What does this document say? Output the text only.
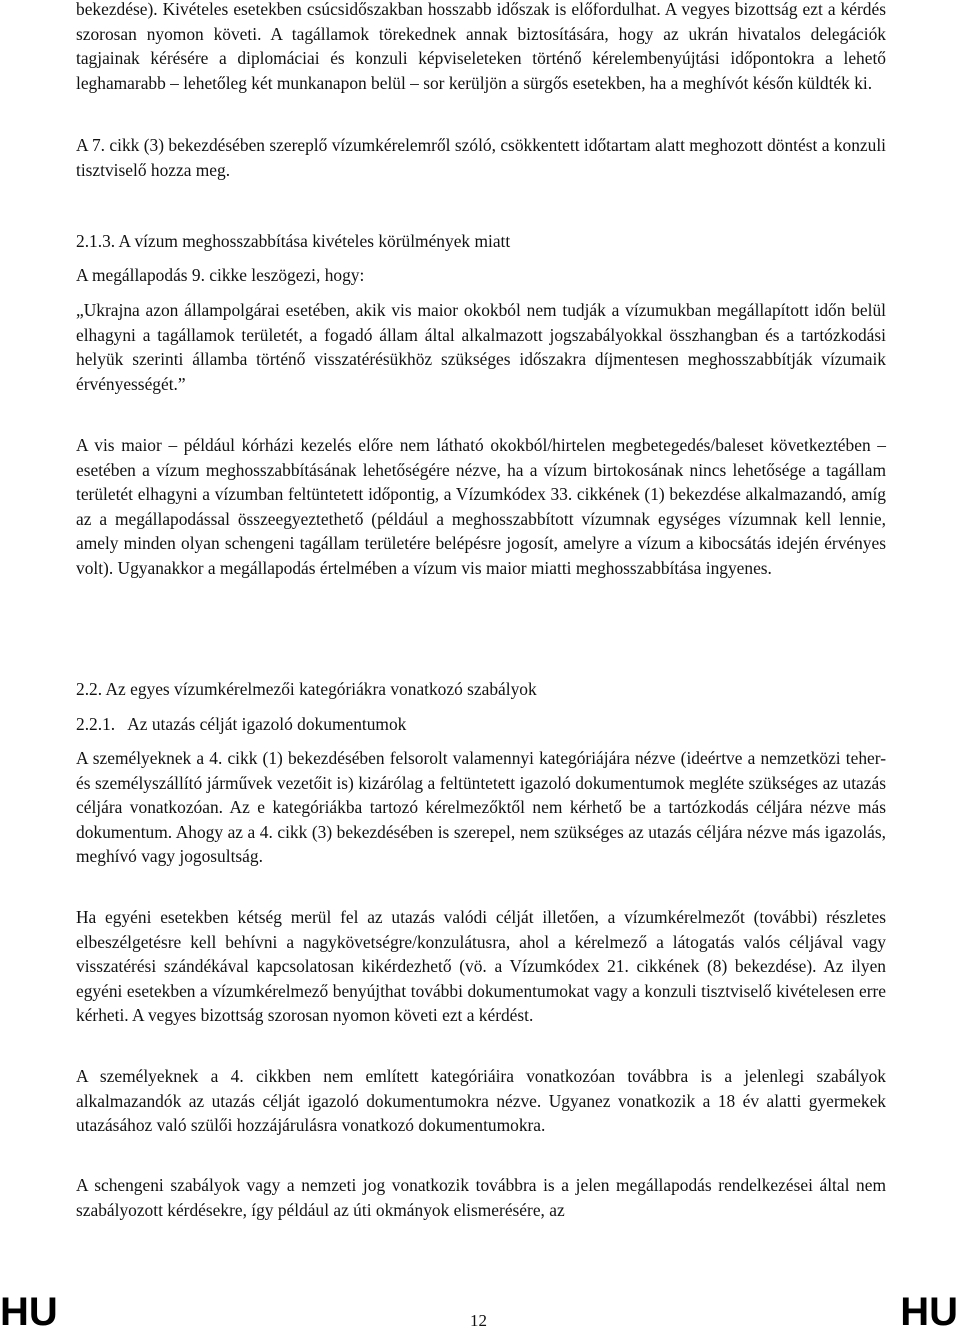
bekezdése). Kivételes esetekben csúcsidőszakban hosszabb időszak is előfordulhat. A vegyes bizottság ezt a kérdés szorosan nyomon követi. A tagállamok törekednek annak biztosítására, hogy az ukrán hivatalos delegációk tagjainak kérésére a diplomáciai és konzuli képviseleteken történő kérelembenyújtási időpontokra a lehető leghamarabb – lehetőleg két munkanapon belül – sor kerüljön a sürgős esetekben, ha a meghívót későn küldték ki.

A 7. cikk (3) bekezdésében szereplő vízumkérelemről szóló, csökkentett időtartam alatt meghozott döntést a konzuli tisztviselő hozza meg.

2.1.3. A vízum meghosszabbítása kivételes körülmények miatt

A megállapodás 9. cikke leszögezi, hogy:

„Ukrajna azon állampolgárai esetében, akik vis maior okokból nem tudják a vízumukban megállapított időn belül elhagyni a tagállamok területét, a fogadó állam által alkalmazott jogszabályokkal összhangban és a tartózkodási helyük szerinti államba történő visszatérésükhöz szükséges időszakra díjmentesen meghosszabbítják vízumaik érvényességét.”

A vis maior – például kórházi kezelés előre nem látható okokból/hirtelen megbetegedés/baleset következtében – esetében a vízum meghosszabbításának lehetőségére nézve, ha a vízum birtokosának nincs lehetősége a tagállam területét elhagyni a vízumban feltüntetett időpontig, a Vízumkódex 33. cikkének (1) bekezdése alkalmazandó, amíg az a megállapodással összeegyeztethető (például a meghosszabbított vízumnak egységes vízumnak kell lennie, amely minden olyan schengeni tagállam területére belépésre jogosít, amelyre a vízum a kibocsátás idején érvényes volt). Ugyanakkor a megállapodás értelmében a vízum vis maior miatti meghosszabbítása ingyenes.

2.2. Az egyes vízumkérelmezői kategóriákra vonatkozó szabályok

2.2.1.   Az utazás célját igazoló dokumentumok

A személyeknek a 4. cikk (1) bekezdésében felsorolt valamennyi kategóriájára nézve (ideértve a nemzetközi teher- és személyszállító járművek vezetőit is) kizárólag a feltüntetett igazoló dokumentumok megléte szükséges az utazás céljára vonatkozóan. Az e kategóriákba tartozó kérelmezőktől nem kérhető be a tartózkodás céljára nézve más dokumentum. Ahogy az a 4. cikk (3) bekezdésében is szerepel, nem szükséges az utazás céljára nézve más igazolás, meghívó vagy jogosultság.

Ha egyéni esetekben kétség merül fel az utazás valódi célját illetően, a vízumkérelmezőt (további) részletes elbeszélgetésre kell behívni a nagykövetségre/konzulátusra, ahol a kérelmező a látogatás valós céljával vagy visszatérési szándékával kapcsolatosan kikérdezhető (vö. a Vízumkódex 21. cikkének (8) bekezdése). Az ilyen egyéni esetekben a vízumkérelmező benyújthat további dokumentumokat vagy a konzuli tisztviselő kivételesen erre kérheti. A vegyes bizottság szorosan nyomon követi ezt a kérdést.

A személyeknek a 4. cikkben nem említett kategóriáira vonatkozóan továbbra is a jelenlegi szabályok alkalmazandók az utazás célját igazoló dokumentumokra nézve. Ugyanez vonatkozik a 18 év alatti gyermekek utazásához való szülői hozzájárulásra vonatkozó dokumentumokra.

A schengeni szabályok vagy a nemzeti jog vonatkozik továbbra is a jelen megállapodás rendelkezései által nem szabályozott kérdésekre, így például az úti okmányok elismerésére, az

HU	12	HU
